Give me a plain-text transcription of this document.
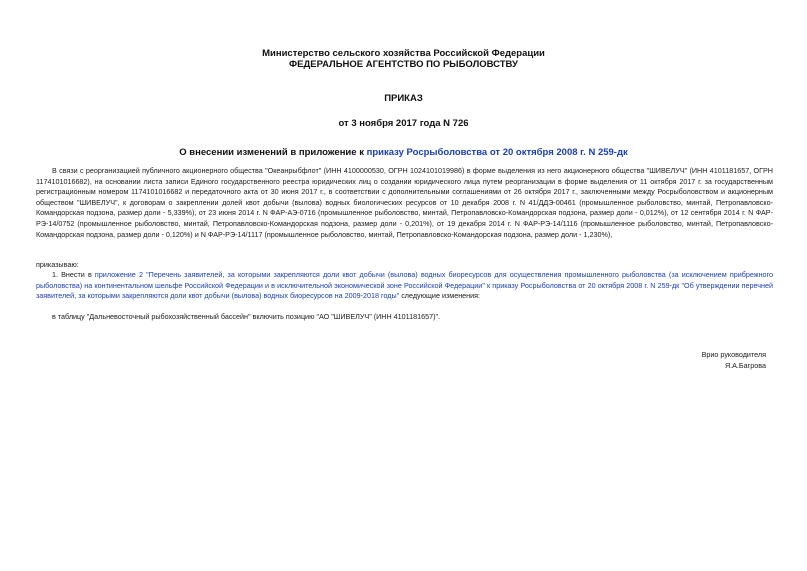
Министерство сельского хозяйства Российской Федерации
ФЕДЕРАЛЬНОЕ АГЕНТСТВО ПО РЫБОЛОВСТВУ
ПРИКАЗ
от 3 ноября 2017 года N 726
О внесении изменений в приложение к приказу Росрыболовства от 20 октября 2008 г. N 259-дк
В связи с реорганизацией публичного акционерного общества "Океанрыбфлот" (ИНН 4100000530, ОГРН 1024101019986) в форме выделения из него акционерного общества "ШИВЕЛУЧ" (ИНН 4101181657, ОГРН 1174101016682), на основании листа записи Единого государственного реестра юридических лиц о создании юридического лица путем реорганизации в форме выделения от 11 октября 2017 г. за государственным регистрационным номером 1174101016682 и передаточного акта от 30 июня 2017 г., в соответствии с дополнительными соглашениями от 26 октября 2017 г., заключенными между Росрыболовством и акционерным обществом "ШИВЕЛУЧ", к договорам о закреплении долей квот добычи (вылова) водных биологических ресурсов от 10 декабря 2008 г. N 41/ДДЭ-00461 (промышленное рыболовство, минтай, Петропавловско-Командорская подзона, размер доли - 5,339%), от 23 июня 2014 г. N ФАР-АЭ-0716 (промышленное рыболовство, минтай, Петропавловско-Командорская подзона, размер доли - 0,012%), от 12 сентября 2014 г. N ФАР-РЭ-14/0752 (промышленное рыболовство, минтай, Петропавловско-Командорская подзона, размер доли - 0,201%), от 19 декабря 2014 г. N ФАР-РЭ-14/1116 (промышленное рыболовство, минтай, Петропавловско-Командорская подзона, размер доли - 0,120%) и N ФАР-РЭ-14/1117 (промышленное рыболовство, минтай, Петропавловско-Командорская подзона, размер доли - 1,230%),
приказываю:
1. Внести в приложение 2 "Перечень заявителей, за которыми закрепляются доли квот добычи (вылова) водных биоресурсов для осуществления промышленного рыболовства (за исключением прибрежного рыболовства) на континентальном шельфе Российской Федерации и в исключительной экономической зоне Российской Федерации" к приказу Росрыболовства от 20 октября 2008 г. N 259-дк "Об утверждении перечней заявителей, за которыми закрепляются доли квот добычи (вылова) водных биоресурсов на 2009-2018 годы" следующие изменения:
в таблицу "Дальневосточный рыбохозяйственный бассейн" включить позицию "АО "ШИВЕЛУЧ" (ИНН 4101181657)".
Врио руководителя
Я.А.Багрова
